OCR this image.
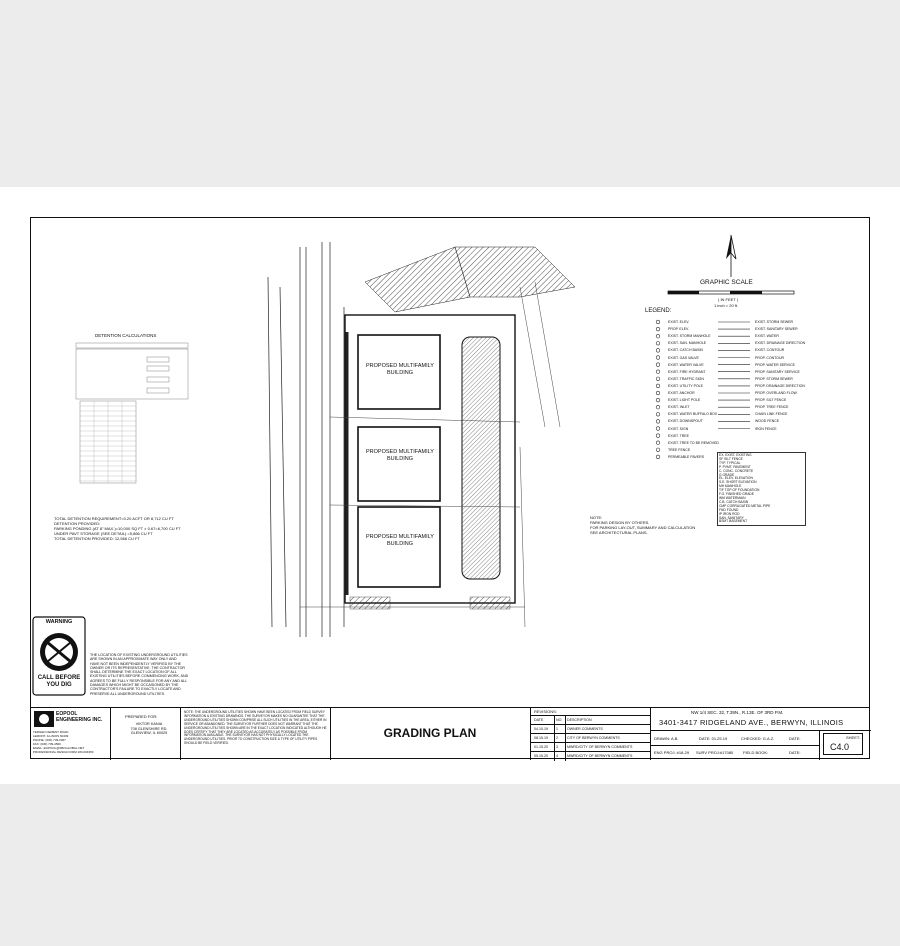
DETENTION CALCULATIONS
TOTAL DETENTION REQUIREMENT=0.20 ACFT OR 8,712 CU FT
DETENTION PROVIDED:
PARKING PONDING (AT 8" MAX.)=10,000 SQ FT × 0.67=6,700 CU FT
UNDER PAVT STORAGE (SEE DETAIL) =5,866 CU FT
TOTAL DETENTION PROVIDED: 12,566 CU FT
PROPOSED MULTIFAMILY
BUILDING
PROPOSED MULTIFAMILY
BUILDING
PROPOSED MULTIFAMILY
BUILDING
GRAPHIC SCALE
( IN FEET )
1 inch = 20 ft.
LEGEND:
EXIST. ELEV.
PROP. ELEV.
EXIST. STORM MANHOLE
EXIST. SAN. MANHOLE
EXIST. CATCH BASIN
EXIST. GAS VALVE
EXIST. WATER VALVE
EXIST. FIRE HYDRANT
EXIST. TRAFFIC SIGN
EXIST. UTILITY POLE
EXIST. ANCHOR
EXIST. LIGHT POLE
EXIST. INLET
EXIST. WATER BUFFALO BOX
EXIST. DOWNSPOUT
EXIST. SIGN
EXIST. TREE
EXIST. TREE TO BE REMOVED
TREE FENCE
PERMEABLE PAVERS
EXIST. STORM SEWER
EXIST. SANITARY SEWER
EXIST. WATER
EXIST. DRAINAGE DIRECTION
EXIST. CONTOUR
PROP. CONTOUR
PROP. WATER SERVICE
PROP. SANITARY SERVICE
PROP. STORM SEWER
PROP. DRAINAGE DIRECTION
PROP. OVERLAND FLOW
PROP. SILT FENCE
PROP. TREE FENCE
CHAIN LINK FENCE
WOOD FENCE
IRON FENCE
EX. EXIST. EXISTING
SF SILT FENCE
TYP. TYPICAL
P. PVMT. PAVEMENT
C. CONC. CONCRETE
G GRADE
EL. ELEV. ELEVATION
S.E. SHORT ELEVATION
MH MANHOLE
T/F TOP OF FOUNDATION
F.G. FINISHED GRADE
WM WATERMAIN
C.B. CATCH BASIN
CMP CORRUGATED METAL PIPE
FND FOUND
IP IRON ROD
SAN. SANITARY
BSMT BASEMENT
NOTE:
PARKING DESIGN BY OTHERS.
FOR PARKING LAY-OUT, SUMMARY AND CALCULATION
SEE ARCHITECTURAL PLANS.
WARNING
CALL BEFORE
YOU DIG
THE LOCATION OF EXISTING UNDERGROUND UTILITIES
ARE SHOWN IN AN APPROXIMATE WAY ONLY AND
HAVE NOT BEEN INDEPENDENTLY VERIFIED BY THE
OWNER OR ITS REPRESENTATIVE. THE CONTRACTOR
SHALL DETERMINE THE EXACT LOCATION OF ALL
EXISTING UTILITIES BEFORE COMMENCING WORK, AND
AGREES TO BE FULLY RESPONSIBLE FOR ANY AND ALL
DAMAGES WHICH MIGHT BE OCCASIONED BY THE
CONTRACTOR'S FAILURE TO EXACTLY LOCATE AND
PRESERVE ALL UNDERGROUND UTILITIES.
EOPOOL
ENGINEERING INC.
TERGEN CEMENT ROAD
LEMONT, ILLINOIS 60439
PHONE: (630) 739-0307
FAX: (630) 739-4500
EMAIL: EOPOOL@SBCGLOBAL.NET
PROFESSIONAL DESIGN FIRM 184.004350
PREPARED FOR:
VIKTOR KANIA
708 GLENSHIRE RD.
GLENVIEW, IL 60025
NOTE: THE UNDERGROUND UTILITIES SHOWN HAVE BEEN LOCATED FROM FIELD SURVEY INFORMATION & EXISTING DRAWINGS. THE SURVEYOR MAKES NO GUARANTEE THAT THE UNDERGROUND UTILITIES SHOWN COMPRISE ALL SUCH UTILITIES IN THE AREA, EITHER IN SERVICE OR ABANDONED. THE SURVEYOR FURTHER DOES NOT WARRANT THAT THE UNDERGROUND UTILITIES SHOWN ARE IN THE EXACT LOCATION INDICATED ALTHOUGH HE DOES CERTIFY THAT THEY ARE LOCATED AS ACCURATELY AS POSSIBLE FROM INFORMATION AVAILABLE. THE SURVEYOR HAS NOT PHYSICALLY LOCATED THE UNDERGROUND UTILITIES. PRIOR TO CONSTRUCTION SIZE & TYPE OF UTILITY PIPES SHOULD BE FIELD VERIFIED.
GRADING PLAN
REVISIONS:
DATE	NO. DESCRIPTION
04.10.19 1	OWNER COMMENTS
08.15.19 2	CITY OF BERWYN COMMENTS
01.15.20 3	MWRD/CITY OF BERWYN COMMENTS
05.15.20 4	MWRD/CITY OF BERWYN COMMENTS
NW 1/4 SEC. 32, T.39N., R.13E. OF 3RD P.M.
3401-3417 RIDGELAND AVE., BERWYN, ILLINOIS
DRAWN: A.B.	DATE: 01.25.19	CHECKED: G.A.Z.	DATE:
ENG PROJ: #18-29 SURV PROJ:#17080 FIELD BOOK:	DATE:
SHEET:
C4.0
